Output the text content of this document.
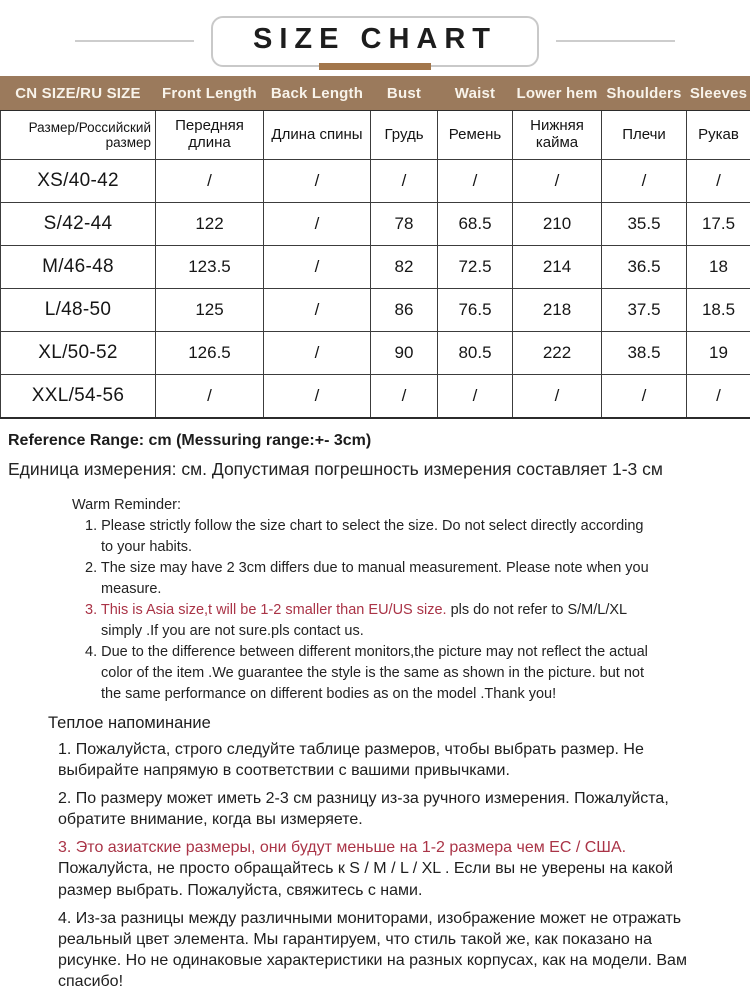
SIZE CHART
CN SIZE/RU SIZE	Front Length	Back Length	Bust	Waist	Lower hem	Shoulders	Sleeves
Размер/Российский размер	Передняя длина	Длина спины	Грудь	Ремень	Нижняя кайма	Плечи	Рукав
XS/40-42	/	/	/	/	/	/	/
S/42-44	122	/	78	68.5	210	35.5	17.5
M/46-48	123.5	/	82	72.5	214	36.5	18
L/48-50	125	/	86	76.5	218	37.5	18.5
XL/50-52	126.5	/	90	80.5	222	38.5	19
XXL/54-56	/	/	/	/	/	/	/

Reference Range: cm (Messuring range:+- 3cm)

Единица измерения: см. Допустимая погрешность измерения составляет 1-3 см

Warm Reminder:

1. Please strictly follow the size chart to select the size. Do not select directly according to your habits.

2. The size may have 2 3cm differs due to manual measurement. Please note when you measure.

3. This is Asia size,t will be 1-2 smaller than EU/US size. pls do not refer to S/M/L/XL simply .If you are not sure.pls contact us.

4. Due to the difference between different monitors,the picture may not reflect the actual color of the item .We guarantee the style is the same as shown in the picture. but not the same performance on different bodies as on the model .Thank you!

Теплое напоминание

1. Пожалуйста, строго следуйте таблице размеров, чтобы выбрать размер. Не выбирайте напрямую в соответствии с вашими привычками.

2. По размеру может иметь 2-3 см разницу из-за ручного измерения. Пожалуйста, обратите внимание, когда вы измеряете.

3. Это азиатские размеры, они будут меньше на 1-2 размера чем ЕС / США.
Пожалуйста, не просто обращайтесь к S / M / L / XL . Если вы не уверены на какой размер выбрать. Пожалуйста, свяжитесь с нами.

4. Из-за разницы между различными мониторами, изображение может не отражать реальный цвет элемента. Мы гарантируем, что стиль такой же, как показано на рисунке. Но не одинаковые характеристики на разных корпусах, как на модели. Вам спасибо!
